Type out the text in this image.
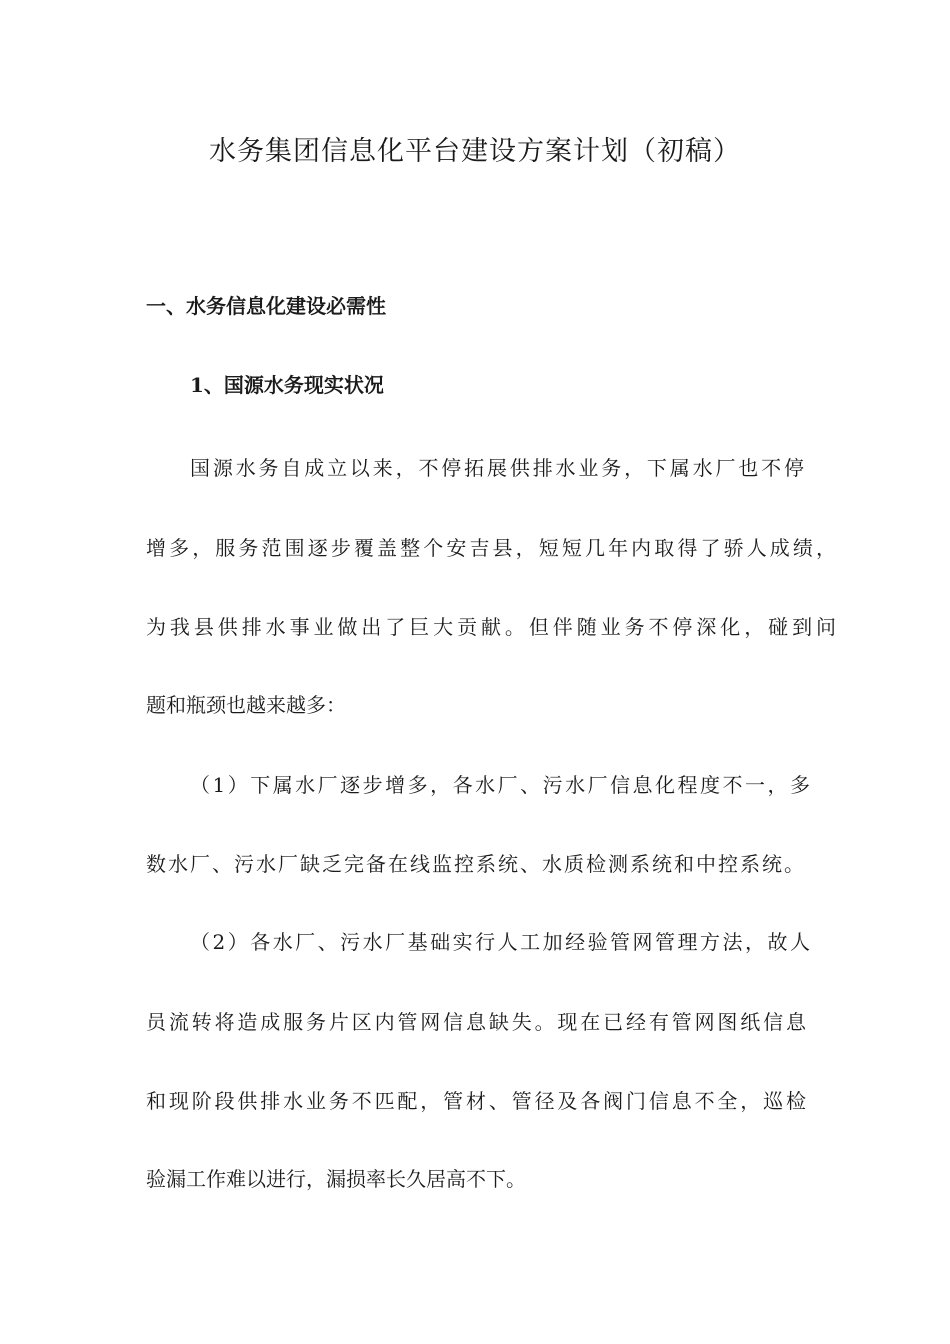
水务集团信息化平台建设方案计划（初稿）
一、水务信息化建设必需性
1、国源水务现实状况

国源水务自成立以来，不停拓展供排水业务，下属水厂也不停

增多，服务范围逐步覆盖整个安吉县，短短几年内取得了骄人成绩，

为我县供排水事业做出了巨大贡献。但伴随业务不停深化，碰到问

题和瓶颈也越来越多：

（1）下属水厂逐步增多，各水厂、污水厂信息化程度不一，多

数水厂、污水厂缺乏完备在线监控系统、水质检测系统和中控系统。

（2）各水厂、污水厂基础实行人工加经验管网管理方法，故人

员流转将造成服务片区内管网信息缺失。现在已经有管网图纸信息

和现阶段供排水业务不匹配，管材、管径及各阀门信息不全，巡检

验漏工作难以进行，漏损率长久居高不下。
